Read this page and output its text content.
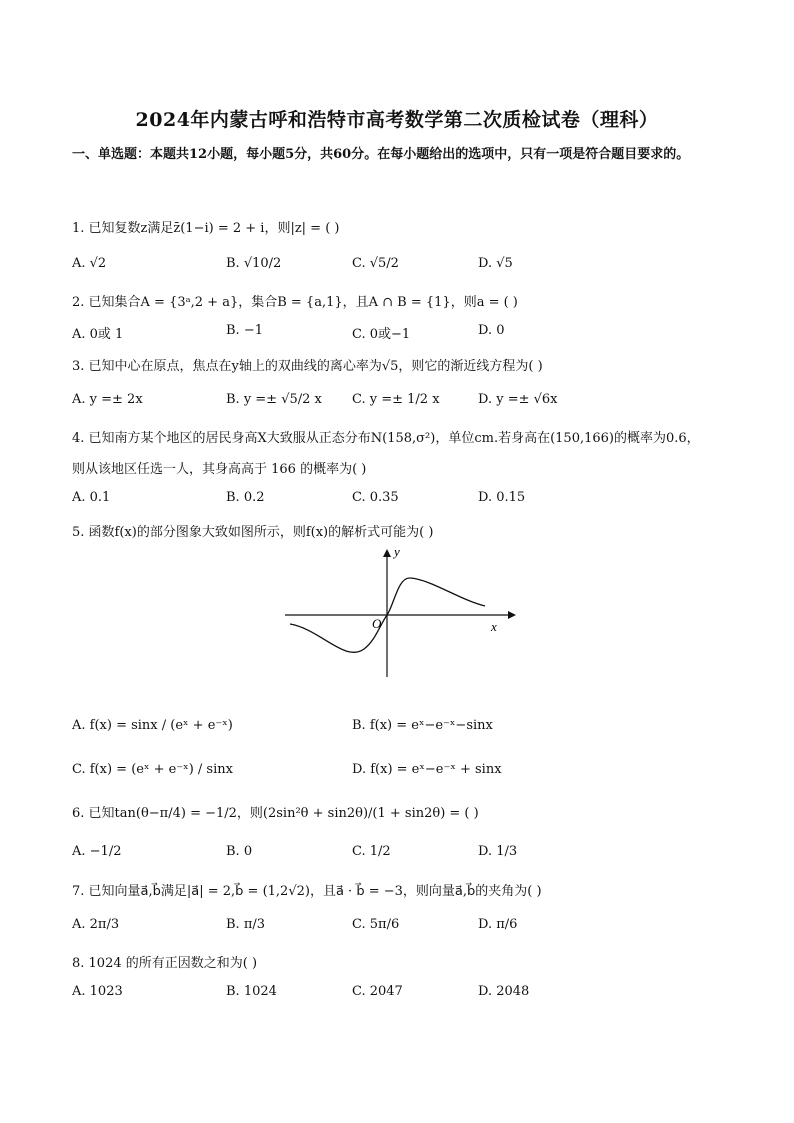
2024年内蒙古呼和浩特市高考数学第二次质检试卷（理科）
一、单选题：本题共12小题，每小题5分，共60分。在每小题给出的选项中，只有一项是符合题目要求的。
1. 已知复数z满足z̄(1−i) = 2 + i，则|z| = ( )
A. √2	B. √10/2	C. √5/2	D. √5
2. 已知集合A = {3ᵃ,2 + a}，集合B = {a,1}，且A ∩ B = {1}，则a = ( )
A. 0或 1	B. −1	C. 0或−1	D. 0
3. 已知中心在原点，焦点在y轴上的双曲线的离心率为√5，则它的渐近线方程为( )
A. y =± 2x	B. y =± √5/2 x C. y =± 1/2 x	D. y =± √6x
4. 已知南方某个地区的居民身高X大致服从正态分布N(158,σ²)，单位cm.若身高在(150,166)的概率为0.6，
则从该地区任选一人，其身高高于 166 的概率为( )
A. 0.1	B. 0.2	C. 0.35	D. 0.15
5. 函数f(x)的部分图象大致如图所示，则f(x)的解析式可能为( )
y
x
O
A. f(x) = sinx / (eˣ + e⁻ˣ)	B. f(x) = eˣ−e⁻ˣ−sinx
C. f(x) = (eˣ + e⁻ˣ) / sinx	D. f(x) = eˣ−e⁻ˣ + sinx
6. 已知tan(θ−π/4) = −1/2，则(2sin²θ + sin2θ)/(1 + sin2θ) = ( )
A. −1/2	B. 0	C. 1/2	D. 1/3
7. 已知向量a⃗,b⃗满足|a⃗| = 2,b⃗ = (1,2√2)，且a⃗ · b⃗ = −3，则向量a⃗,b⃗的夹角为( )
A. 2π/3	B. π/3	C. 5π/6	D. π/6
8. 1024 的所有正因数之和为( )
A. 1023	B. 1024	C. 2047	D. 2048
